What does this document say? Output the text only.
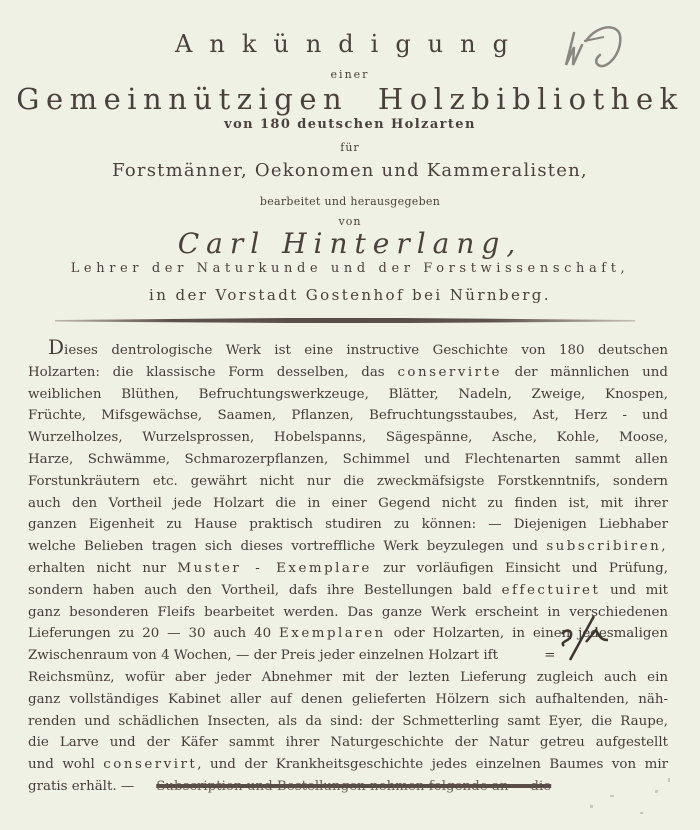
Ankündigung
einer
Gemeinnützigen Holzbibliothek
von 180 deutschen Holzarten
für
Forstmänner, Oekonomen und Kammeralisten,
bearbeitet und herausgegeben
von
Carl Hinterlang,
Lehrer der Naturkunde und der Forstwissenschaft,
in der Vorstadt Gostenhof bei Nürnberg.
Dieses dentrologische Werk ist eine instructive Geschichte von 180 deutschen
Holzarten: die klassische Form desselben, das conservirte der männlichen und
weiblichen Blüthen, Befruchtungswerkzeuge, Blätter, Nadeln, Zweige, Knospen,
Früchte, Mifsgewächse, Saamen, Pflanzen, Befruchtungsstaubes, Ast, Herz - und
Wurzelholzes, Wurzelsprossen, Hobelspanns, Sägespänne, Asche, Kohle, Moose,
Harze, Schwämme, Schmarozerpflanzen, Schimmel und Flechtenarten sammt allen
Forstunkräutern etc. gewährt nicht nur die zweckmäfsigste Forstkenntnifs, sondern
auch den Vortheil jede Holzart die in einer Gegend nicht zu finden ist, mit ihrer
ganzen Eigenheit zu Hause praktisch studiren zu können: — Diejenigen Liebhaber
welche Belieben tragen sich dieses vortreffliche Werk beyzulegen und subscribiren,
erhalten nicht nur Muster - Exemplare zur vorläufigen Einsicht und Prüfung,
sondern haben auch den Vortheil, dafs ihre Bestellungen bald effectuiret und mit
ganz besonderen Fleifs bearbeitet werden. Das ganze Werk erscheint in verschiedenen
Lieferungen zu 20 — 30 auch 40 Exemplaren oder Holzarten, in einen jedesmaligen
Zwischenraum von 4 Wochen, — der Preis jeder einzelnen Holzart ift	=
Reichsmünz, wofür aber jeder Abnehmer mit der lezten Lieferung zugleich auch ein
ganz vollständiges Kabinet aller auf denen gelieferten Hölzern sich aufhaltenden, näh-
renden und schädlichen Insecten, als da sind: der Schmetterling samt Eyer, die Raupe,
die Larve und der Käfer sammt ihrer Naturgeschichte der Natur getreu aufgestellt
und wohl conservirt, und der Krankheitsgeschichte jedes einzelnen Baumes von mir
gratis erhält. — Subscription und Bestellungen nehmen folgende an — die
